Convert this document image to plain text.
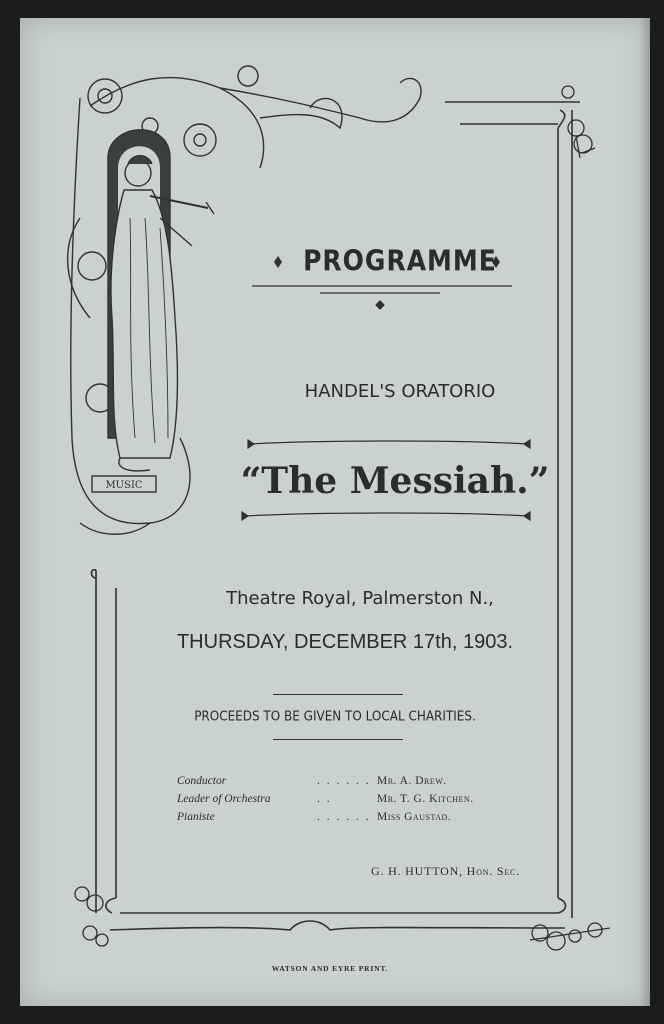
MUSIC
PROGRAMME
HANDEL'S ORATORIO
“The Messiah.”
Theatre Royal, Palmerston N.,
THURSDAY, DECEMBER 17th, 1903.
PROCEEDS TO BE GIVEN TO LOCAL CHARITIES.
Conductor	. . . . . . Mr. A. Drew.
Leader of Orchestra	. .	Mr. T. G. Kitchen.
Pianiste	. . . . . . Miss Gaustad.
G. H. HUTTON, Hon. Sec.
WATSON AND EYRE PRINT.
